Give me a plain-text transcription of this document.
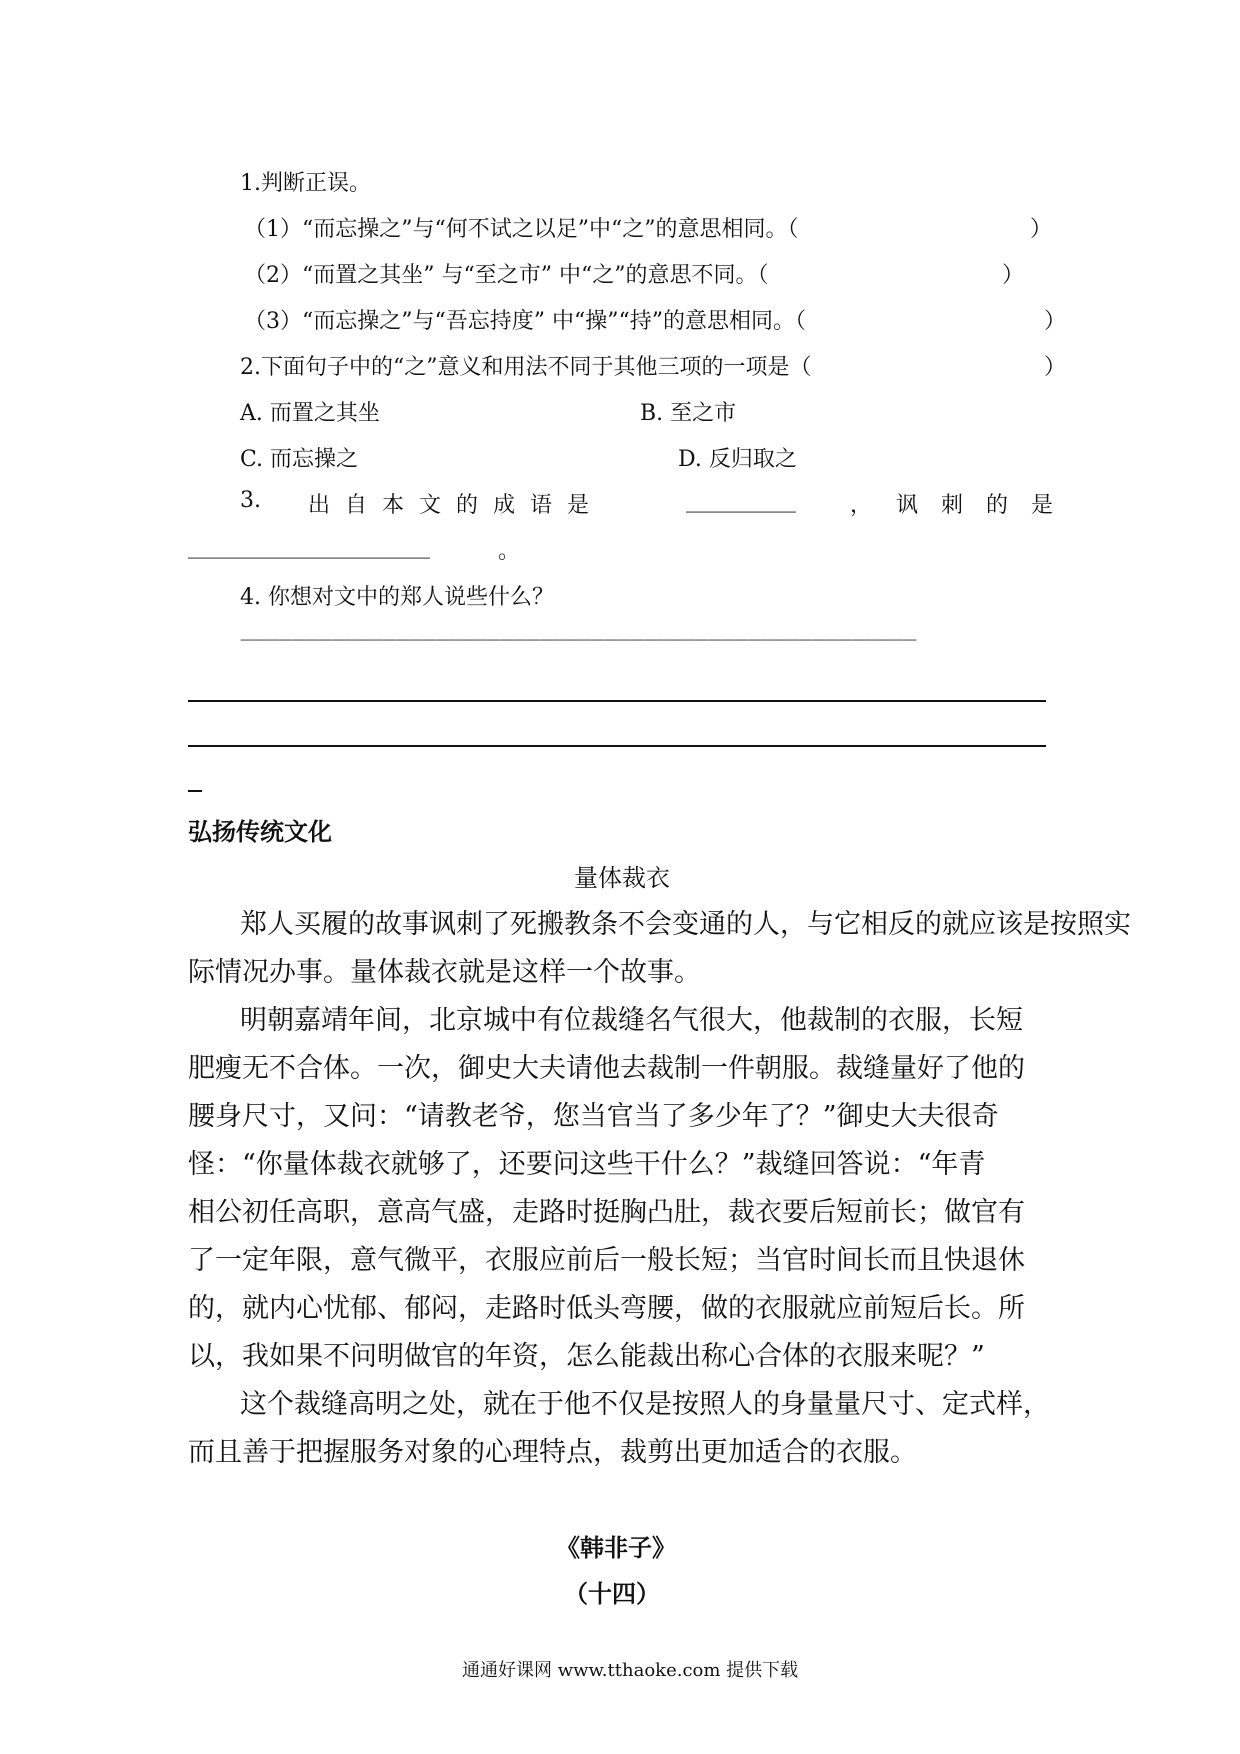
1.判断正误。
（1）“而忘操之”与“何不试之以足”中“之”的意思相同。（	）
（2）“而置之其坐” 与“至之市” 中“之”的意思不同。（	）
（3）“而忘操之”与“吾忘持度” 中“操”“持”的意思相同。（	）
2.下面句子中的“之”意义和用法不同于其他三项的一项是（	）
A. 而置之其坐	B. 至之市
C. 而忘操之	D. 反归取之
3. 出 自 本 文 的 成 语 是	__________ ， 讽 刺 的 是
______________________	。
4. 你想对文中的郑人说些什么？
————————————————————————————————————————————————————
弘扬传统文化
量体裁衣
郑人买履的故事讽刺了死搬教条不会变通的人，与它相反的就应该是按照实
际情况办事。量体裁衣就是这样一个故事。
明朝嘉靖年间，北京城中有位裁缝名气很大，他裁制的衣服，长短
肥瘦无不合体。一次，御史大夫请他去裁制一件朝服。裁缝量好了他的
腰身尺寸，又问：“请教老爷，您当官当了多少年了？”御史大夫很奇
怪：“你量体裁衣就够了，还要问这些干什么？”裁缝回答说：“年青
相公初任高职，意高气盛，走路时挺胸凸肚，裁衣要后短前长；做官有
了一定年限，意气微平，衣服应前后一般长短；当官时间长而且快退休
的，就内心忧郁、郁闷，走路时低头弯腰，做的衣服就应前短后长。所
以，我如果不问明做官的年资，怎么能裁出称心合体的衣服来呢？”
这个裁缝高明之处，就在于他不仅是按照人的身量量尺寸、定式样，
而且善于把握服务对象的心理特点，裁剪出更加适合的衣服。
《韩非子》
（十四）
通通好课网 www.tthaoke.com 提供下载
